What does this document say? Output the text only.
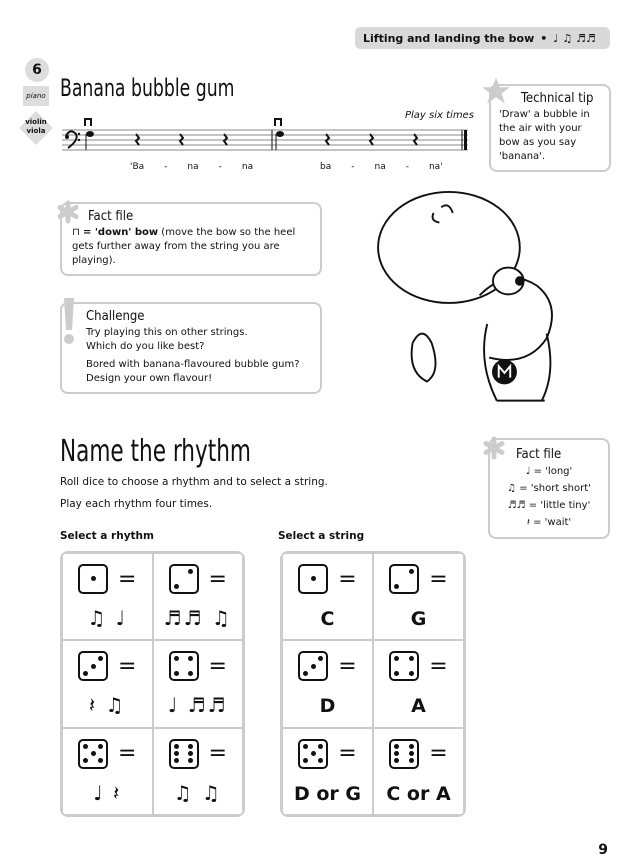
Lifting and landing the bow • ♩ ♫ ♬♬
6
piano
violin
viola
Banana bubble gum
Play six times
'Ba - na - na	ba - na - na'
Technical tip
'Draw' a bubble in the air with your bow as you say 'banana'.
Fact file
⊓ = 'down' bow (move the bow so the heel gets further away from the string you are playing).
Challenge
Try playing this on other strings.
Which do you like best?
Bored with banana-flavoured bubble gum?
Design your own flavour!
Name the rhythm
Roll dice to choose a rhythm and to select a string.
Play each rhythm four times.
Fact file
♩ = 'long'
♫ = 'short short'
♬♬ = 'little tiny'
𝄽 = 'wait'
Select a rhythm	Select a string
=
♫ ♩
=
♬♬ ♫
=
𝄽 ♫
=
♩ ♬♬
=
♩ 𝄽
=
♫ ♫
=
C
=
G
=
D
=
A
=
D or G
=
C or A
9
